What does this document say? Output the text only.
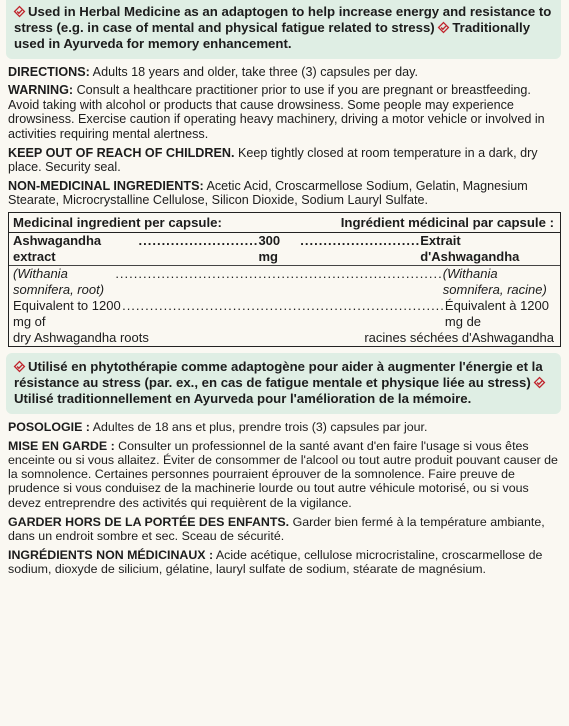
Used in Herbal Medicine as an adaptogen to help increase energy and resistance to stress (e.g. in case of mental and physical fatigue related to stress) Traditionally used in Ayurveda for memory enhancement.
DIRECTIONS: Adults 18 years and older, take three (3) capsules per day.
WARNING: Consult a healthcare practitioner prior to use if you are pregnant or breastfeeding. Avoid taking with alcohol or products that cause drowsiness. Some people may experience drowsiness. Exercise caution if operating heavy machinery, driving a motor vehicle or involved in activities requiring mental alertness.
KEEP OUT OF REACH OF CHILDREN. Keep tightly closed at room temperature in a dark, dry place. Security seal.
NON-MEDICINAL INGREDIENTS: Acetic Acid, Croscarmellose Sodium, Gelatin, Magnesium Stearate, Microcrystalline Cellulose, Silicon Dioxide, Sodium Lauryl Sulfate.
Medicinal ingredient per capsule:	Ingrédient médicinal par capsule :
Ashwagandha extract
.......................... 300 mg
.......................... Extrait d'Ashwagandha
(Withania somnifera, root)
....................................................................... (Withania somnifera, racine)
Equivalent to 1200 mg of
...................................................................... Équivalent à 1200 mg de
dry Ashwagandha roots	racines séchées d'Ashwagandha
Utilisé en phytothérapie comme adaptogène pour aider à augmenter l'énergie et la résistance au stress (par. ex., en cas de fatigue mentale et physique liée au stress)
Utilisé traditionnellement en Ayurveda pour l'amélioration de la mémoire.
POSOLOGIE : Adultes de 18 ans et plus, prendre trois (3) capsules par jour.
MISE EN GARDE : Consulter un professionnel de la santé avant d'en faire l'usage si vous êtes enceinte ou si vous allaitez. Éviter de consommer de l'alcool ou tout autre produit pouvant causer de la somnolence. Certaines personnes pourraient éprouver de la somnolence. Faire preuve de prudence si vous conduisez de la machinerie lourde ou tout autre véhicule motorisé, ou si vous devez entreprendre des activités qui requièrent de la vigilance.
GARDER HORS DE LA PORTÉE DES ENFANTS. Garder bien fermé à la température ambiante, dans un endroit sombre et sec. Sceau de sécurité.
INGRÉDIENTS NON MÉDICINAUX : Acide acétique, cellulose microcristaline, croscarmellose de sodium, dioxyde de silicium, gélatine, lauryl sulfate de sodium, stéarate de magnésium.
